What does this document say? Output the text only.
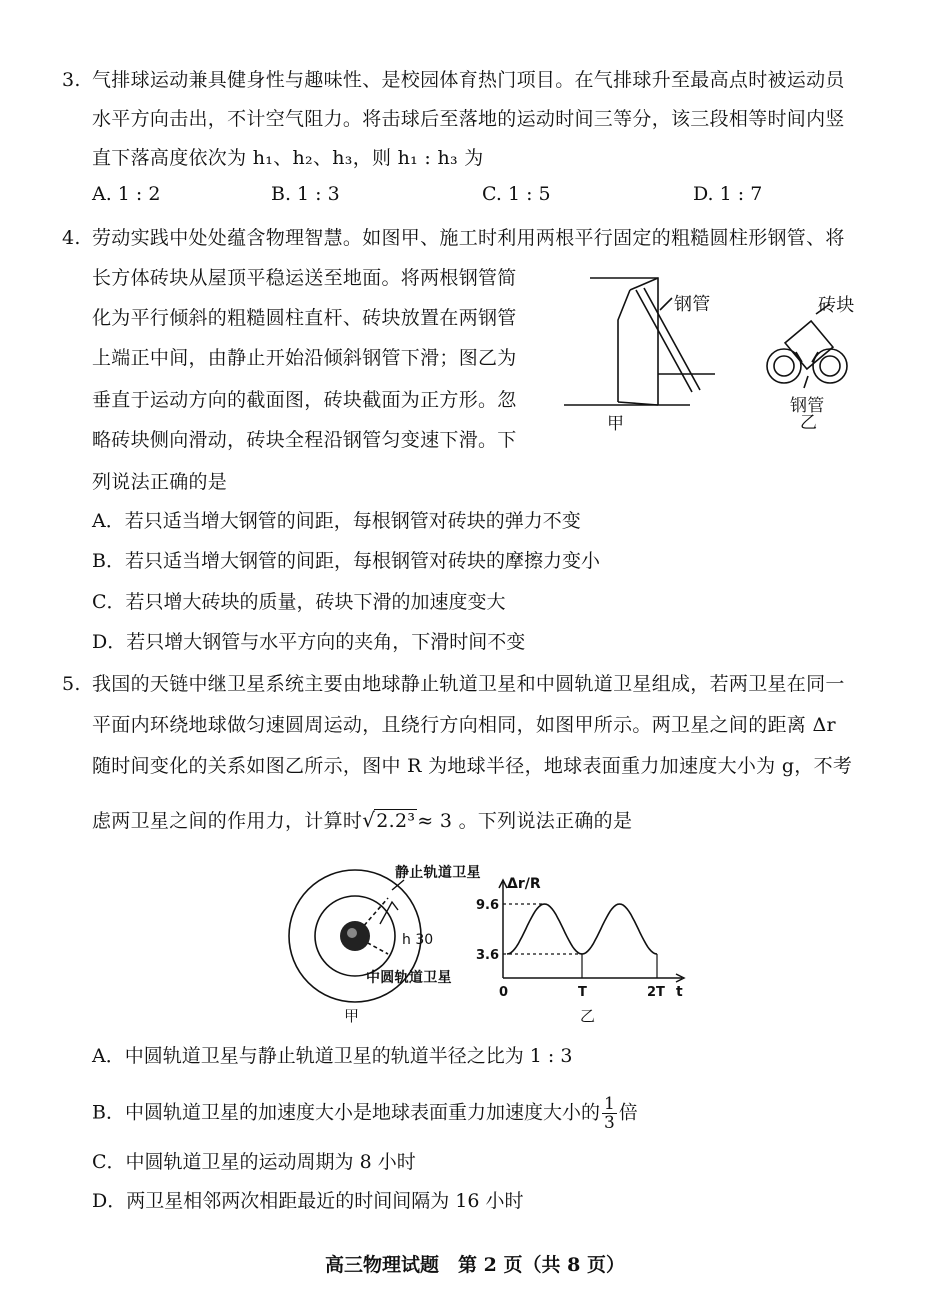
3. 气排球运动兼具健身性与趣味性、是校园体育热门项目。在气排球升至最高点时被运动员
水平方向击出，不计空气阻力。将击球后至落地的运动时间三等分，该三段相等时间内竖
直下落高度依次为 h₁、h₂、h₃，则 h₁ : h₃ 为
A. 1 : 2	B. 1 : 3	C. 1 : 5	D. 1 : 7
4. 劳动实践中处处蕴含物理智慧。如图甲、施工时利用两根平行固定的粗糙圆柱形钢管、将
长方体砖块从屋顶平稳运送至地面。将两根钢管简
化为平行倾斜的粗糙圆柱直杆、砖块放置在两钢管
上端正中间，由静止开始沿倾斜钢管下滑；图乙为
垂直于运动方向的截面图，砖块截面为正方形。忽
略砖块侧向滑动，砖块全程沿钢管匀变速下滑。下
列说法正确的是
钢管
甲
砖块
钢管
乙
A．若只适当增大钢管的间距，每根钢管对砖块的弹力不变
B．若只适当增大钢管的间距，每根钢管对砖块的摩擦力变小
C．若只增大砖块的质量，砖块下滑的加速度变大
D．若只增大钢管与水平方向的夹角，下滑时间不变
5. 我国的天链中继卫星系统主要由地球静止轨道卫星和中圆轨道卫星组成，若两卫星在同一
平面内环绕地球做匀速圆周运动，且绕行方向相同，如图甲所示。两卫星之间的距离 Δr
随时间变化的关系如图乙所示，图中 R 为地球半径，地球表面重力加速度大小为 g，不考
虑两卫星之间的作用力，计算时√2.2³ ≈ 3 。下列说法正确的是
h 30
静止轨道卫星
中圆轨道卫星
甲
9.6
3.6
0	T	2T
Δr/R
t
乙
A．中圆轨道卫星与静止轨道卫星的轨道半径之比为 1 : 3
B．中圆轨道卫星的加速度大小是地球表面重力加速度大小的 $\frac{1}{3}$ 倍
C．中圆轨道卫星的运动周期为 8 小时
D．两卫星相邻两次相距最近的时间间隔为 16 小时
高三物理试题　第 2 页（共 8 页）
